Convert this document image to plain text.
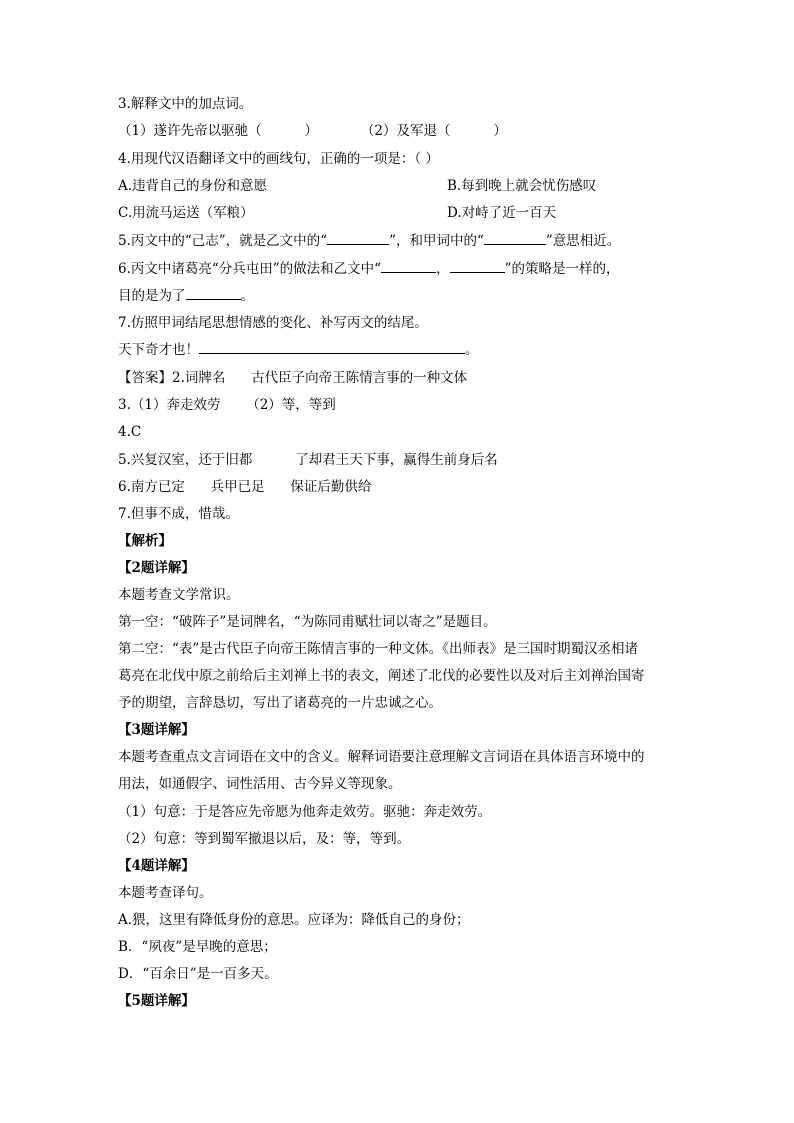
3.解释文中的加点词。
（1）遂许先帝以驱驰（          ）          （2）及军退（          ）
4.用现代汉语翻译文中的画线句，正确的一项是：（ ）
A.违背自己的身份和意愿	B.每到晚上就会忧伤感叹
C.用流马运送（军粮）	D.对峙了近一百天
5.丙文中的“己志”，就是乙文中的“	”，和甲词中的“	”意思相近。
6.丙文中诸葛亮“分兵屯田”的做法和乙文中“	，	”的策略是一样的，
目的是为了	。
7.仿照甲词结尾思想情感的变化、补写丙文的结尾。
天下奇才也！	。
【答案】2.词牌名      古代臣子向帝王陈情言事的一种文体
3.（1）奔走效劳      （2）等，等到
4.C
5.兴复汉室，还于旧都          了却君王天下事，赢得生前身后名
6.南方已定      兵甲已足      保证后勤供给
7.但事不成，惜哉。
【解析】
【2题详解】
本题考查文学常识。
第一空：“破阵子”是词牌名，“为陈同甫赋壮词以寄之”是题目。
第二空：“表”是古代臣子向帝王陈情言事的一种文体。《出师表》是三国时期蜀汉丞相诸
葛亮在北伐中原之前给后主刘禅上书的表文，阐述了北伐的必要性以及对后主刘禅治国寄
予的期望，言辞恳切，写出了诸葛亮的一片忠诚之心。
【3题详解】
本题考查重点文言词语在文中的含义。解释词语要注意理解文言词语在具体语言环境中的
用法，如通假字、词性活用、古今异义等现象。
（1）句意：于是答应先帝愿为他奔走效劳。驱驰：奔走效劳。
（2）句意：等到蜀军撤退以后，及：等，等到。
【4题详解】
本题考查译句。
A.猥，这里有降低身份的意思。应译为：降低自己的身份；
B．“夙夜”是早晚的意思；
D．“百余日”是一百多天。
【5题详解】
